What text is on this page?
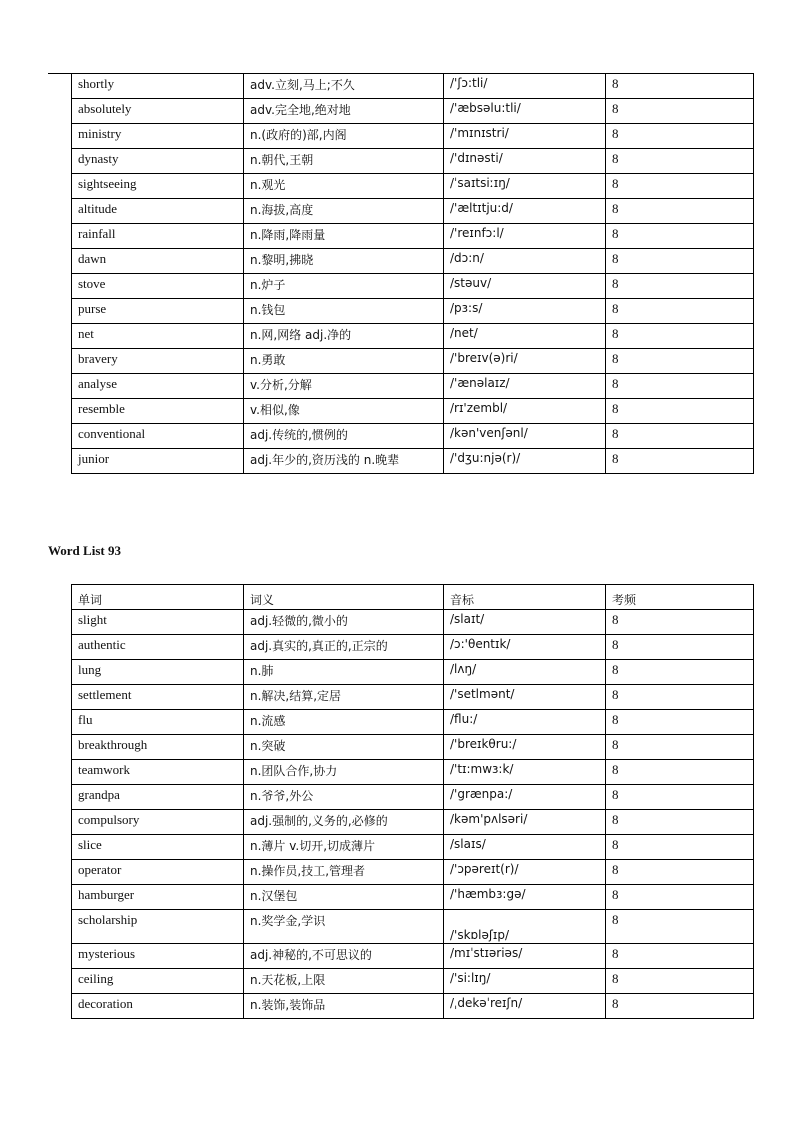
shortly	adv.立刻,马上;不久	/'ʃɔ:tli/	8
absolutely	adv.完全地,绝对地	/'æbsəlu:tli/	8
ministry	n.(政府的)部,内阁	/'mɪnɪstri/	8
dynasty	n.朝代,王朝	/'dɪnəsti/	8
sightseeing	n.观光	/ˈsaɪtsiːɪŋ/	8
altitude	n.海拔,高度	/'æltɪtju:d/	8
rainfall	n.降雨,降雨量	/'reɪnfɔ:l/	8
dawn	n.黎明,拂晓	/dɔ:n/	8
stove	n.炉子	/stəuv/	8
purse	n.钱包	/pɜ:s/	8
net	n.网,网络 adj.净的	/net/	8
bravery	n.勇敢	/'breɪv(ə)ri/	8
analyse	v.分析,分解	/'ænəlaɪz/	8
resemble	v.相似,像	/rɪ'zembl/	8
conventional	adj.传统的,惯例的	/kən'venʃənl/	8
junior	adj.年少的,资历浅的 n.晚辈	/'dʒu:njə(r)/	8
Word List 93
单词	词义	音标	考频
slight	adj.轻微的,微小的	/slaɪt/	8
authentic	adj.真实的,真正的,正宗的	/ɔ:'θentɪk/	8
lung	n.肺	/lʌŋ/	8
settlement	n.解决,结算,定居	/'setlmənt/	8
flu	n.流感	/flu:/	8
breakthrough	n.突破	/'breɪkθru:/	8
teamwork	n.团队合作,协力	/'tɪ:mwɜ:k/	8
grandpa	n.爷爷,外公	/'grænpa:/	8
compulsory	adj.强制的,义务的,必修的	/kəm'pʌlsəri/	8
slice	n.薄片 v.切开,切成薄片	/slaɪs/	8
operator	n.操作员,技工,管理者	/'ɔpəreɪt(r)/	8
hamburger	n.汉堡包	/'hæmbɜ:gə/	8
scholarship	n.奖学金,学识	/'skɒləʃɪp/	8
mysterious	adj.神秘的,不可思议的	/mɪˈstɪəriəs/	8
ceiling	n.天花板,上限	/'si:lɪŋ/	8
decoration	n.装饰,装饰品	/ˌdekəˈreɪʃn/	8
